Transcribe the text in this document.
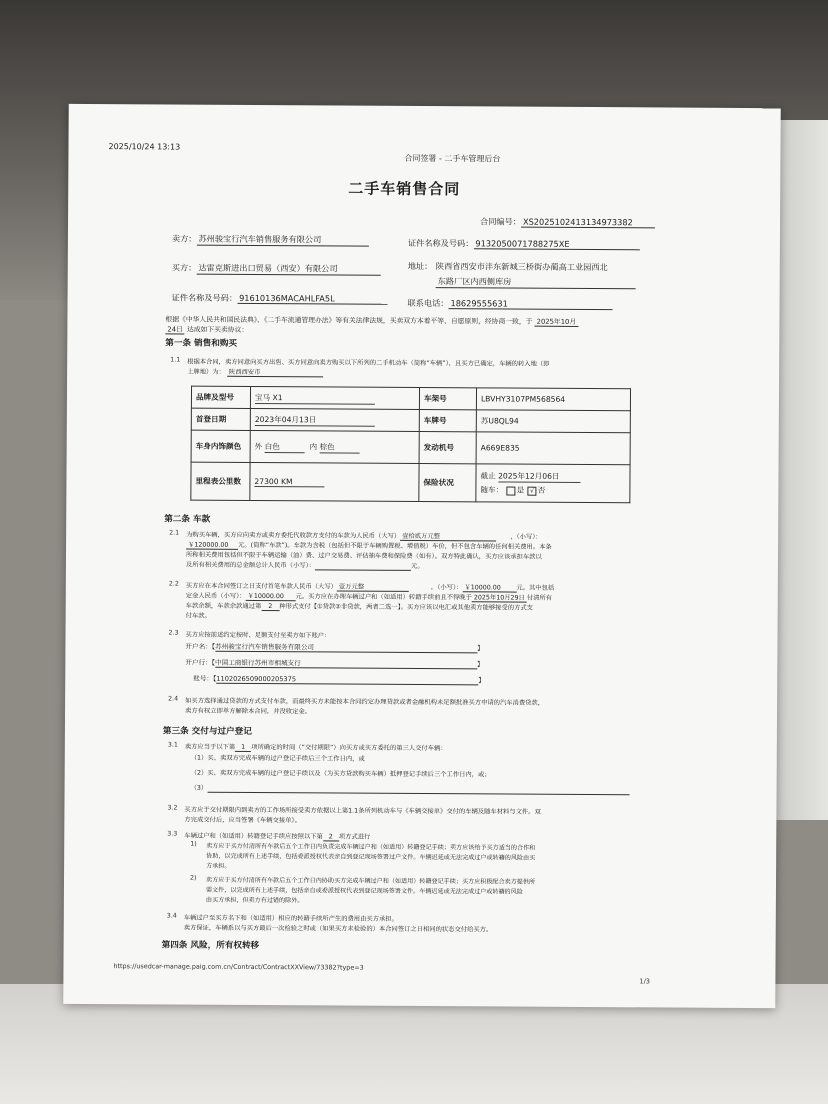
2025/10/24 13:13
合同签署 - 二手车管理后台
二手车销售合同
合同编号： XS2025102413134973382
卖方： 苏州骏宝行汽车销售服务有限公司	证件名称及号码： 9132050071788275XE
买方： 达雷克斯进出口贸易（西安）有限公司	地址： 陕西省西安市沣东新城三桥街办蔺高工业园西北
东路厂区内西侧库房
证件名称及号码： 91610136MACAHLFA5L	联系电话： 18629555631
根据《中华人民共和国民法典》、《二手车流通管理办法》等有关法律法规，买卖双方本着平等、自愿原则，经协商一致，于 2025年10月
24日 达成如下买卖协议：
第一条 销售和购买
1.1 根据本合同，卖方同意向买方出售、买方同意向卖方购买以下所列的二手机动车（简称“车辆”），且买方已确定，车辆的转入地（即
上牌地）为： 陕西西安市
品牌及型号	宝马 X1	车架号	LBVHY3107PM568564
首登日期	2023年04月13日	车牌号	苏U8QL94
车身内饰颜色	外 白色 内 棕色	发动机号	A669E835
里程表公里数	27300 KM	保险状况	截止 2025年12月06日
随车： 是 √ 否
第二条 车款
2.1 为购买车辆，买方应向卖方或卖方委托代收款方支付的车款为人民币（大写） 壹拾贰万元整	，（小写）：
￥120000.00 元。(简称“车款”)。车款为含税（包括但不限于车辆购置税、增值税）车价，但不包含车辆的任何相关费用。本条
所称相关费用包括但不限于车辆运输（油）费、过户交易费、评估抽车费和保险费（如有）。双方特此确认，买方应该承担车款以
及所有相关费用的总金额总计人民币（小写）：	元。
2.2 买方应在本合同签订之日支付首笔车款人民币（大写） 壹万元整	，（小写）： ￥10000.00 元。其中包括
定金人民币（小写）： ￥10000.00 元。买方应在办理车辆过户和（如适用）转籍手续前且不得晚于 2025年10月29日 付清所有
车款余额，车款余款通过第 2 种形式支付【①贷款②非贷款，两者二选一】。买方应该以电汇或其他卖方能够接受的方式支
付车款。
2.3 买方应按前述约定按时、足额支付至卖方如下账户：
开户名：【苏州骏宝行汽车销售服务有限公司	】
开户行：【中国工商银行苏州市相城支行	】
账号：【1102026509000205375	】
2.4 如买方选择通过贷款的方式支付车款，而最终买方未能按本合同约定办理贷款或者金融机构未足额批准买方申请的汽车消费贷款，
卖方有权立即单方解除本合同，并没收定金。
第三条 交付与过户登记
3.1 卖方应当于以下第 1 项所确定的时间（“交付期限”）向买方或买方委托的第三人交付车辆：
（1）买、卖双方完成车辆的过户登记手续后三个工作日内，或
（2）买、卖双方完成车辆的过户登记手续以及（为买方贷款购买车辆）抵押登记手续后三个工作日内，或；
（3）
3.2 买方应于交付期限内到卖方的工作场所接受卖方依据以上第1.1条所列机动车与《车辆交接单》交付的车辆及随车材料与文件。双
方完成交付后，应当签署《车辆交接单》。
3.3 车辆过户和（如适用）转籍登记手续应按照以下第 2 项方式进行
1) 卖方应于买方付清所有车款后五个工作日内负责完成车辆过户和（如适用）转籍登记手续；卖方应该给予买方适当的合作和
协助，以完成所有上述手续，包括委派授权代表亲自到登记现场签署过户文件。车辆迟延或无法完成过户或转籍的风险由买
方承担。
2) 卖方应于买方付清所有车款后五个工作日内协助买方完成车辆过户和（如适用）转籍登记手续；买方应积极配合卖方提供所
需文件，以完成所有上述手续，包括亲自或委派授权代表到登记现场签署文件。车辆迟延或无法完成过户或转籍的风险
由买方承担，但卖方有过错的除外。
3.4 车辆过户至买方名下和（如适用）相应的转籍手续所产生的费用由买方承担。
卖方保证，车辆系以与买方最后一次检验之时或（如果买方未检验的）本合同签订之日相同的状态交付给买方。
第四条 风险，所有权转移
https://usedcar-manage.paig.com.cn/Contract/ContractXXView/73382?type=3
1/3
